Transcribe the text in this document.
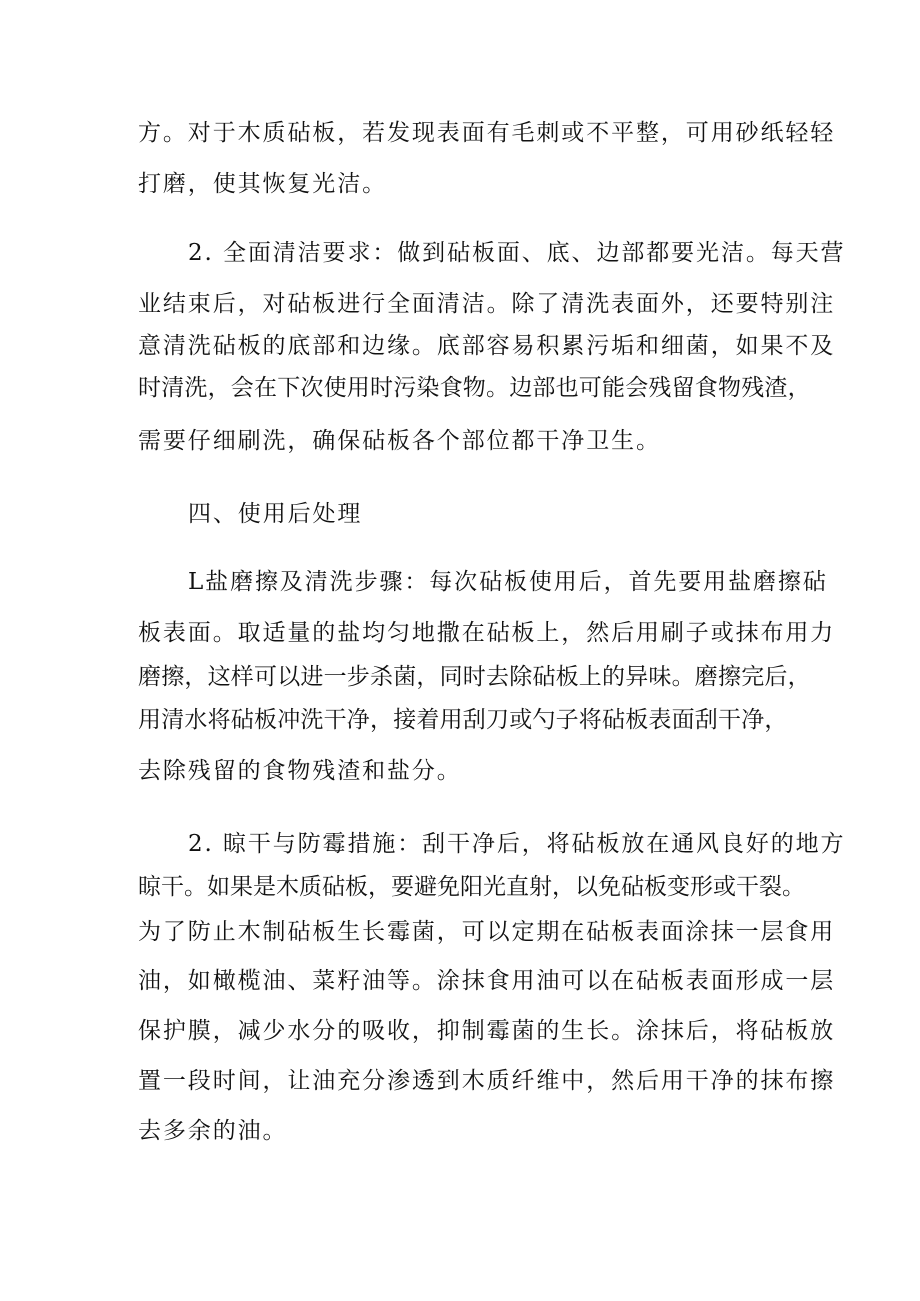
方。对于木质砧板，若发现表面有毛刺或不平整，可用砂纸轻轻
打磨，使其恢复光洁。
2. 全面清洁要求：做到砧板面、底、边部都要光洁。每天营
业结束后，对砧板进行全面清洁。除了清洗表面外，还要特别注
意清洗砧板的底部和边缘。底部容易积累污垢和细菌，如果不及
时清洗，会在下次使用时污染食物。边部也可能会残留食物残渣，
需要仔细刷洗，确保砧板各个部位都干净卫生。
四、使用后处理
L盐磨擦及清洗步骤：每次砧板使用后，首先要用盐磨擦砧
板表面。取适量的盐均匀地撒在砧板上，然后用刷子或抹布用力
磨擦，这样可以进一步杀菌，同时去除砧板上的异味。磨擦完后，
用清水将砧板冲洗干净，接着用刮刀或勺子将砧板表面刮干净，
去除残留的食物残渣和盐分。
2. 晾干与防霉措施：刮干净后，将砧板放在通风良好的地方
晾干。如果是木质砧板，要避免阳光直射，以免砧板变形或干裂。
为了防止木制砧板生长霉菌，可以定期在砧板表面涂抹一层食用
油，如橄榄油、菜籽油等。涂抹食用油可以在砧板表面形成一层
保护膜，减少水分的吸收，抑制霉菌的生长。涂抹后，将砧板放
置一段时间，让油充分渗透到木质纤维中，然后用干净的抹布擦
去多余的油。
